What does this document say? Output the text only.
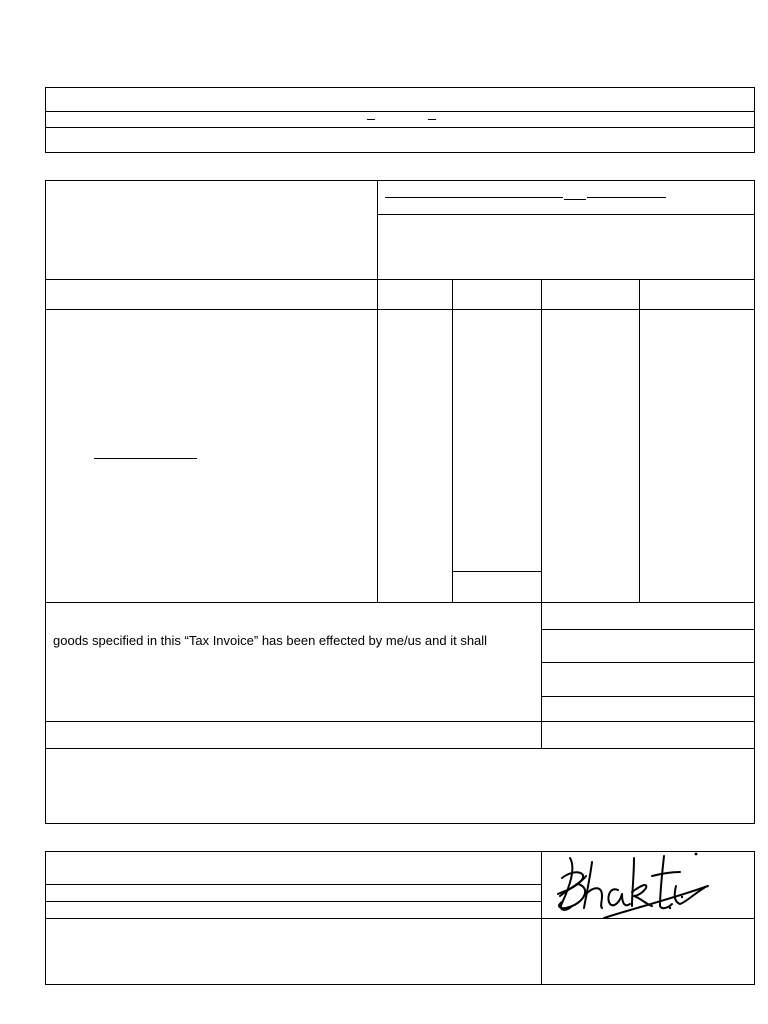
goods specified in this “Tax Invoice” has been effected by me/us and it shall
